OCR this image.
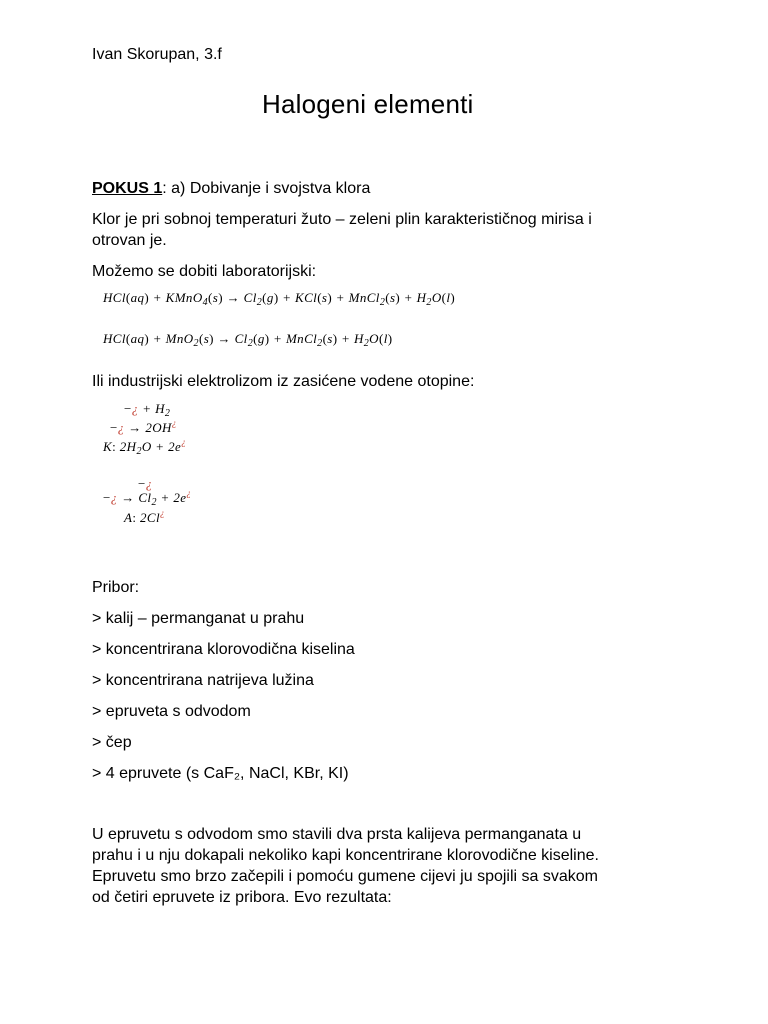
Ivan Skorupan, 3.f
Halogeni elementi
POKUS 1: a) Dobivanje i svojstva klora
Klor je pri sobnoj temperaturi žuto – zeleni plin karakterističnog mirisa i
otrovan je.
Možemo se dobiti laboratorijski:
HCl(aq) + KMnO$_4$(s) → $Cl_2(g) + KCl(s)$ + MnCl$_2$(s) + $H_2O(l)$
$HCl(aq) + MnO_2(s) \to Cl_2(g)$ + MnCl$_2$(s) + $H_2O(l)$
Ili industrijski elektrolizom iz zasićene vodene otopine:
−¿ + $H_2$
−¿ → 2OH¿
K: $2H_2O + 2e^¿$
−¿
−¿ → $Cl_2 + 2e^¿$
A: 2Cl¿
Pribor:
> kalij – permanganat u prahu
> koncentrirana klorovodična kiselina
> koncentrirana natrijeva lužina
> epruveta s odvodom
> čep
> 4 epruvete (s CaF₂, NaCl, KBr, KI)
U epruvetu s odvodom smo stavili dva prsta kalijeva permanganata u
prahu i u nju dokapali nekoliko kapi koncentrirane klorovodične kiseline.
Epruvetu smo brzo začepili i pomoću gumene cijevi ju spojili sa svakom
od četiri epruvete iz pribora. Evo rezultata:
